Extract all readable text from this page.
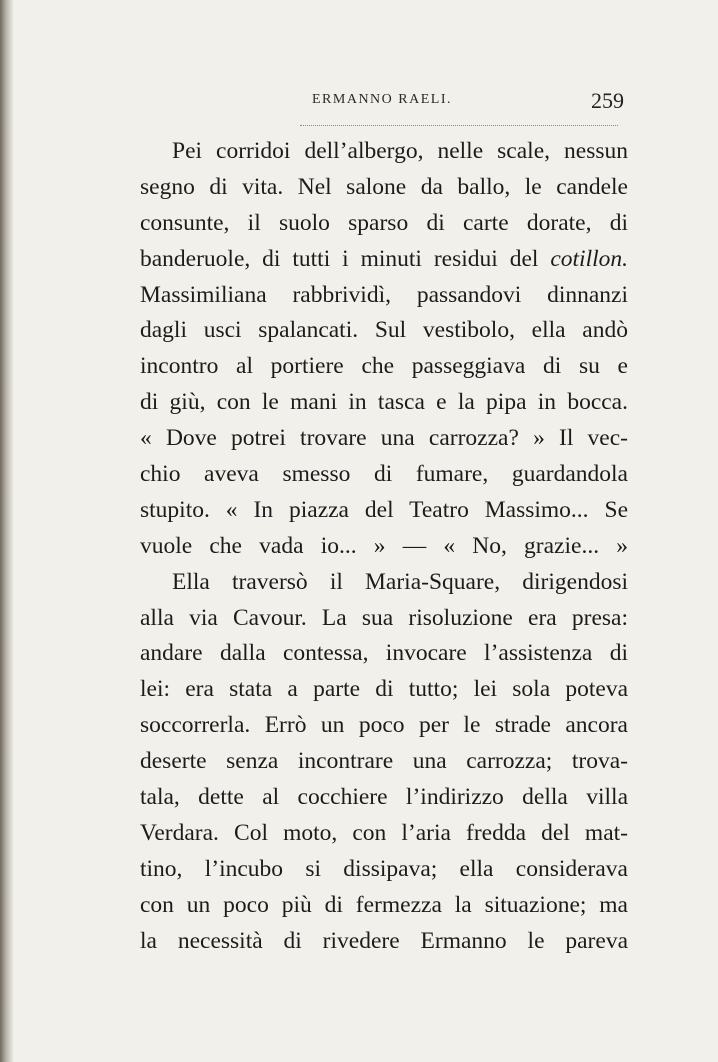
ERMANNO RAELI.	259
Pei corridoi dell’albergo, nelle scale, nessun
segno di vita. Nel salone da ballo, le candele
consunte, il suolo sparso di carte dorate, di
banderuole, di tutti i minuti residui del cotillon.
Massimiliana rabbrividì, passandovi dinnanzi
dagli usci spalancati. Sul vestibolo, ella andò
incontro al portiere che passeggiava di su e
di giù, con le mani in tasca e la pipa in bocca.
« Dove potrei trovare una carrozza? » Il vec-
chio aveva smesso di fumare, guardandola
stupito. « In piazza del Teatro Massimo... Se
vuole che vada io... » — « No, grazie... »
Ella traversò il Maria-Square, dirigendosi
alla via Cavour. La sua risoluzione era presa:
andare dalla contessa, invocare l’assistenza di
lei: era stata a parte di tutto; lei sola poteva
soccorrerla. Errò un poco per le strade ancora
deserte senza incontrare una carrozza; trova-
tala, dette al cocchiere l’indirizzo della villa
Verdara. Col moto, con l’aria fredda del mat-
tino, l’incubo si dissipava; ella considerava
con un poco più di fermezza la situazione; ma
la necessità di rivedere Ermanno le pareva
